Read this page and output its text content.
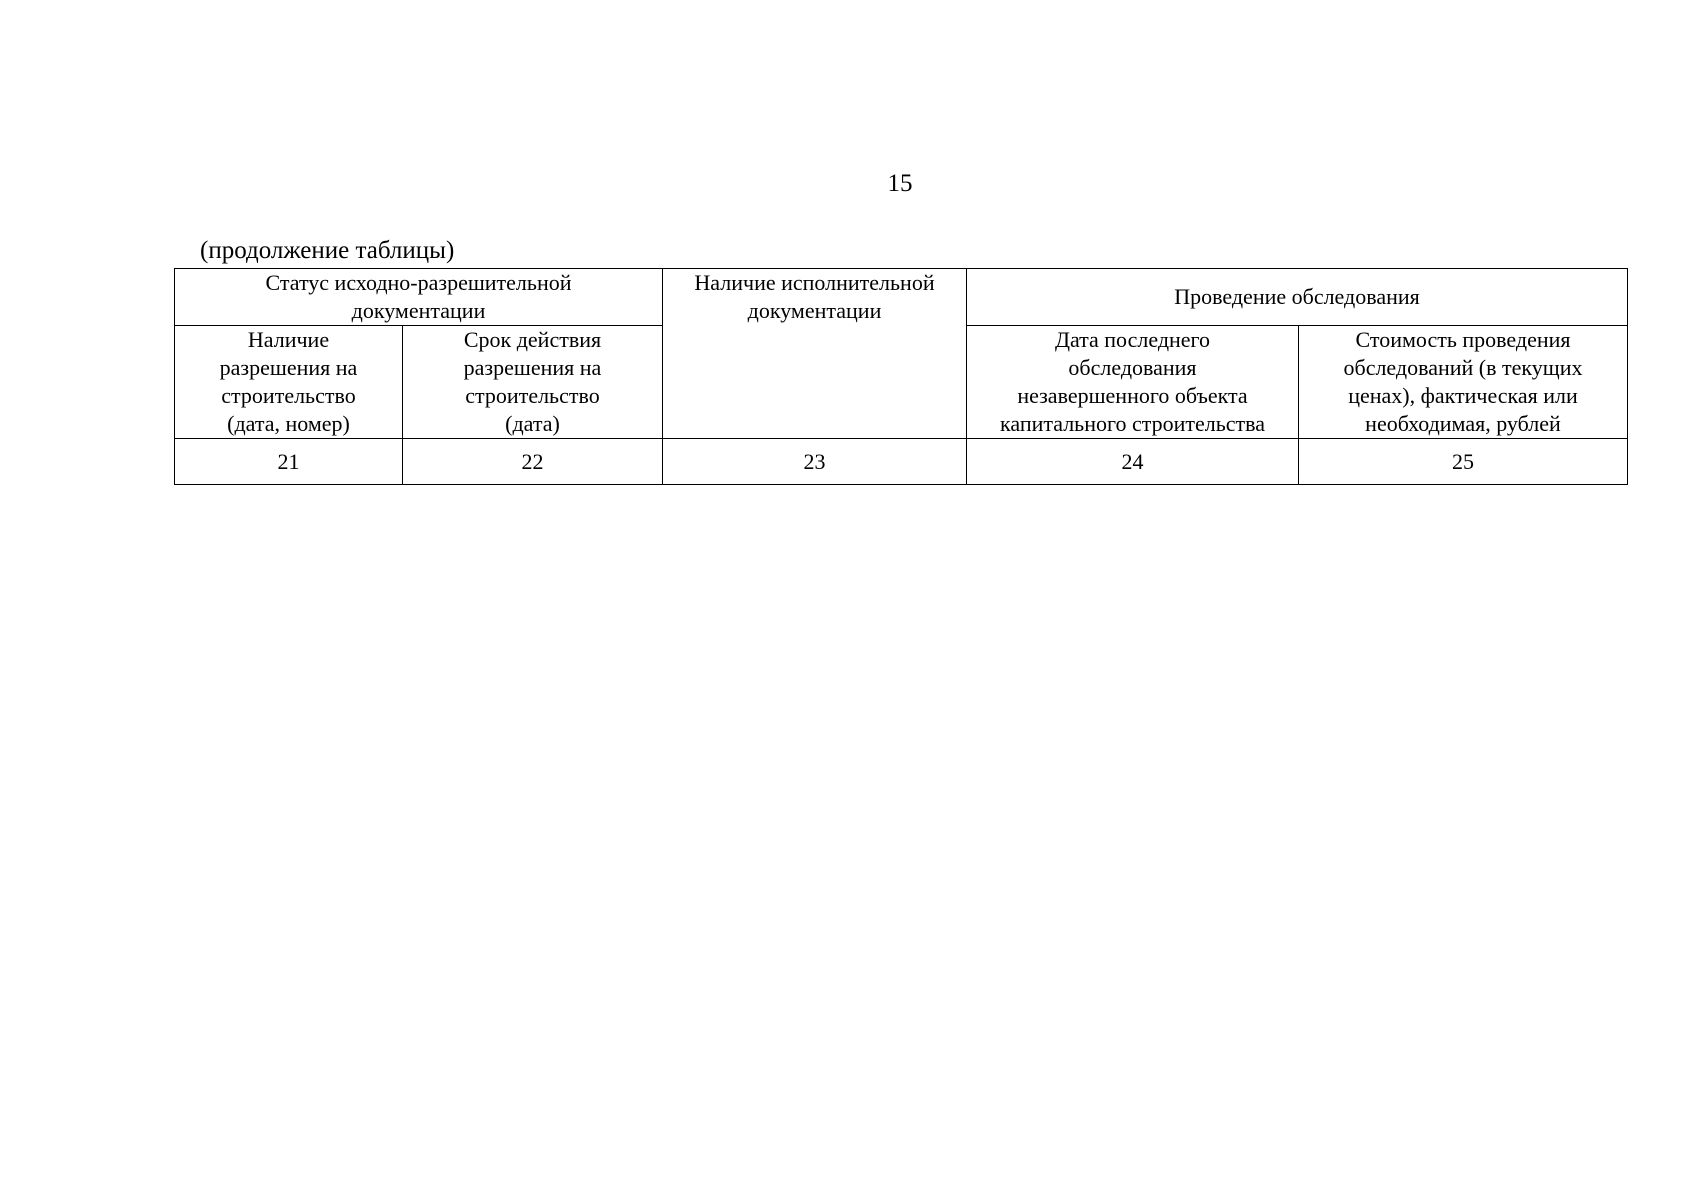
15
(продолжение таблицы)
Статус исходно-разрешительной
документации		Наличие исполнительной
документации	Проведение обследования	

Наличие
разрешения на
строительство
(дата, номер)	Срок действия
разрешения на
строительство
(дата)		Дата последнего
обследования
незавершенного объекта
капитального строительства	Стоимость проведения
обследований (в текущих
ценах), фактическая или
необходимая, рублей

21	22	23	24	25
